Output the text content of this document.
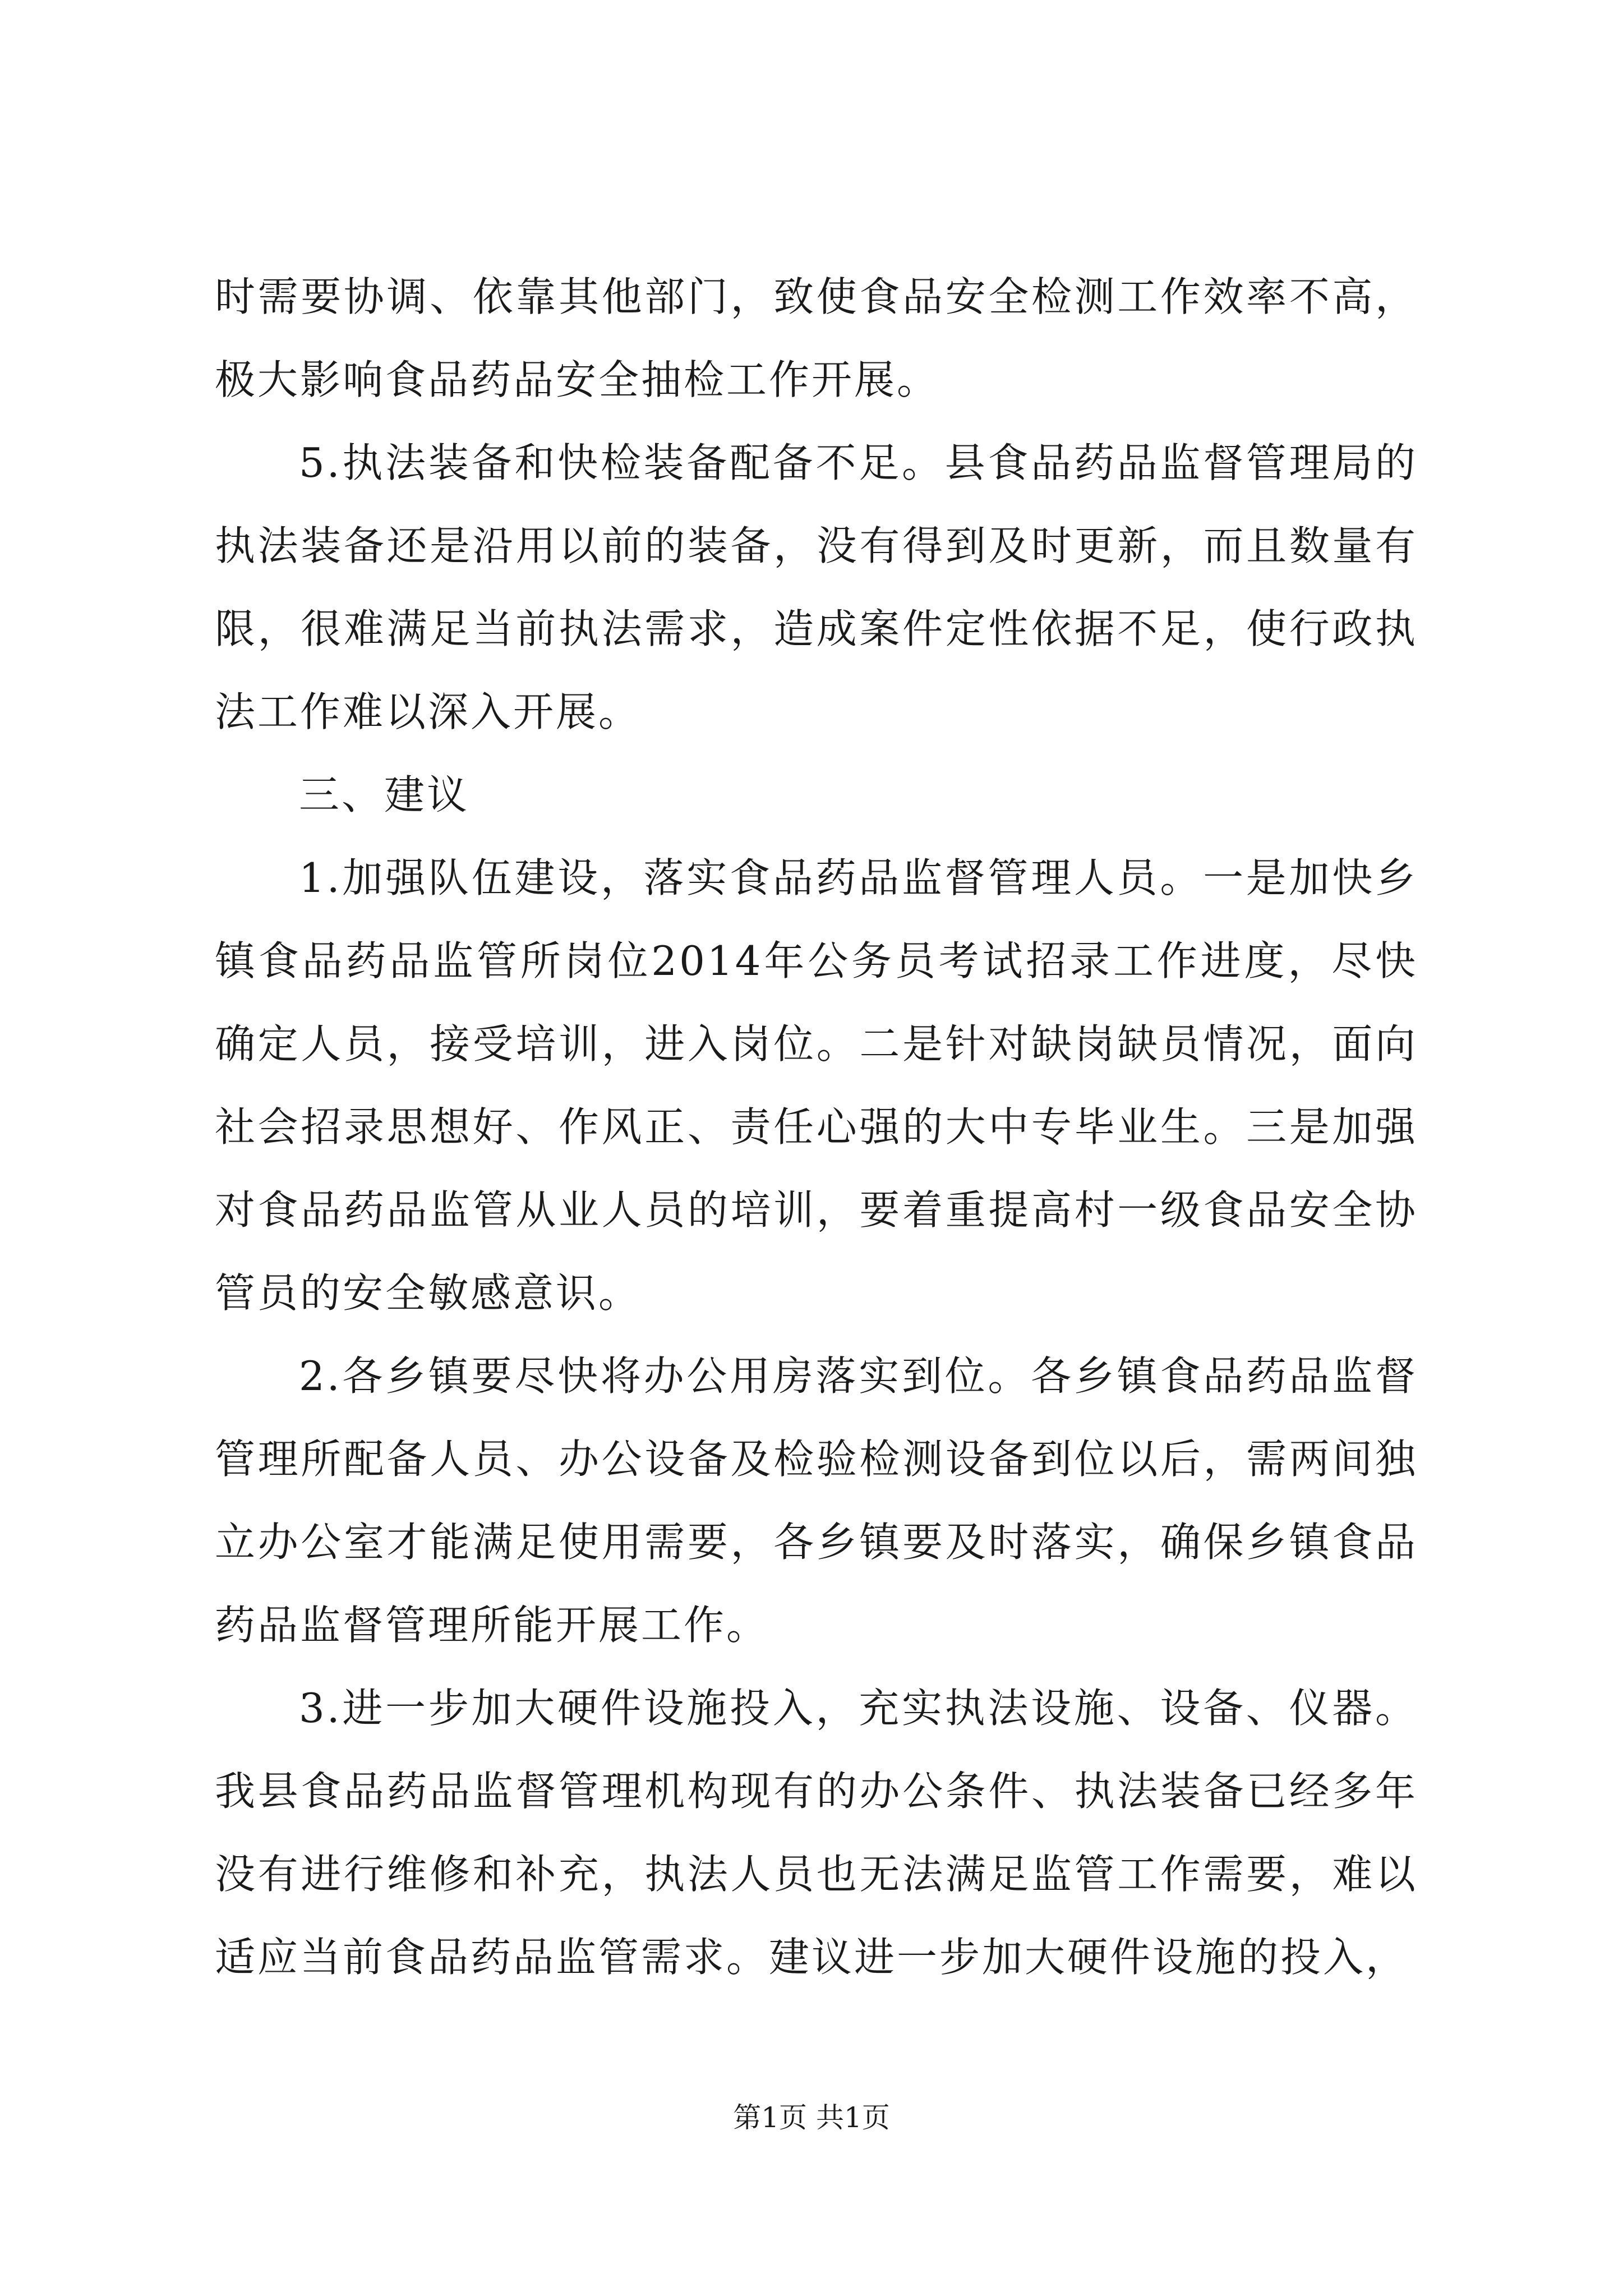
时需要协调、依靠其他部门，致使食品安全检测工作效率不高，极大影响食品药品安全抽检工作开展。

5.执法装备和快检装备配备不足。县食品药品监督管理局的执法装备还是沿用以前的装备，没有得到及时更新，而且数量有限，很难满足当前执法需求，造成案件定性依据不足，使行政执法工作难以深入开展。

三、建议

1.加强队伍建设，落实食品药品监督管理人员。一是加快乡镇食品药品监管所岗位2014年公务员考试招录工作进度，尽快确定人员，接受培训，进入岗位。二是针对缺岗缺员情况，面向社会招录思想好、作风正、责任心强的大中专毕业生。三是加强对食品药品监管从业人员的培训，要着重提高村一级食品安全协管员的安全敏感意识。

2.各乡镇要尽快将办公用房落实到位。各乡镇食品药品监督管理所配备人员、办公设备及检验检测设备到位以后，需两间独立办公室才能满足使用需要，各乡镇要及时落实，确保乡镇食品药品监督管理所能开展工作。

3.进一步加大硬件设施投入，充实执法设施、设备、仪器。我县食品药品监督管理机构现有的办公条件、执法装备已经多年没有进行维修和补充，执法人员也无法满足监管工作需要，难以适应当前食品药品监管需求。建议进一步加大硬件设施的投入，

第1页 共1页
